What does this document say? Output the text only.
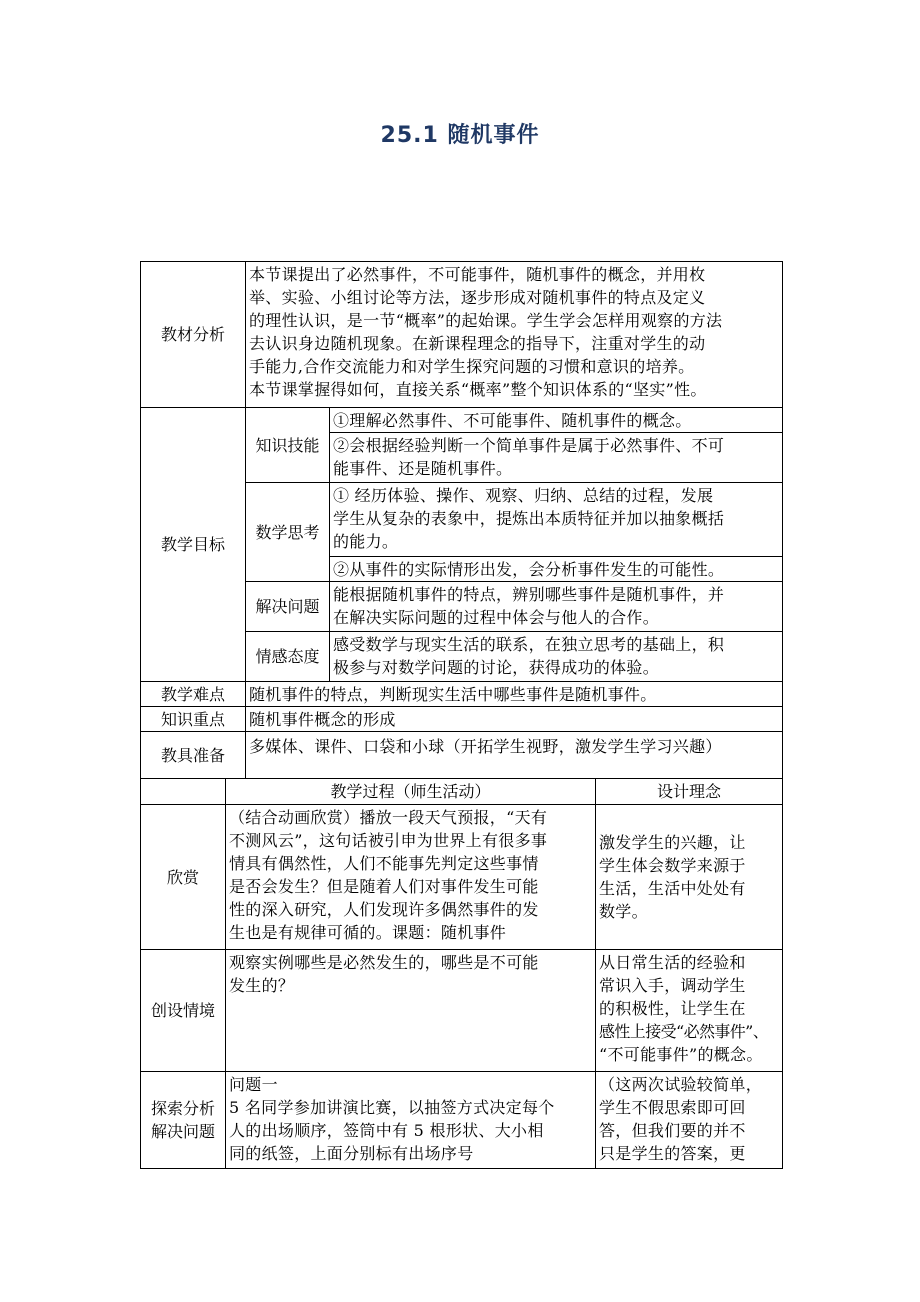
25.1 随机事件
教材分析

本节课提出了必然事件，不可能事件，随机事件的概念，并用枚

举、实验、小组讨论等方法，逐步形成对随机事件的特点及定义

的理性认识，是一节“概率”的起始课。学生学会怎样用观察的方法

去认识身边随机现象。在新课程理念的指导下，注重对学生的动

手能力,合作交流能力和对学生探究问题的习惯和意识的培养。

本节课掌握得如何，直接关系“概率”整个知识体系的“坚实”性。

教学目标
知识技能

①理解必然事件、不可能事件、随机事件的概念。

②会根据经验判断一个简单事件是属于必然事件、不可

能事件、还是随机事件。

数学思考

① 经历体验、操作、观察、归纳、总结的过程，发展

学生从复杂的表象中，提炼出本质特征并加以抽象概括

的能力。

②从事件的实际情形出发，会分析事件发生的可能性。

解决问题

能根据随机事件的特点，辨别哪些事件是随机事件，并

在解决实际问题的过程中体会与他人的合作。

情感态度

感受数学与现实生活的联系，在独立思考的基础上，积

极参与对数学问题的讨论，获得成功的体验。

教学难点 随机事件的特点，判断现实生活中哪些事件是随机事件。

知识重点 随机事件概念的形成

教具准备 多媒体、课件、口袋和小球（开拓学生视野，激发学生学习兴趣）

教学过程（师生活动）	设计理念
欣赏

（结合动画欣赏）播放一段天气预报，“天有

不测风云”，这句话被引申为世界上有很多事

情具有偶然性，人们不能事先判定这些事情

是否会发生？但是随着人们对事件发生可能

性的深入研究，人们发现许多偶然事件的发

生也是有规律可循的。课题：随机事件

激发学生的兴趣，让

学生体会数学来源于

生活，生活中处处有

数学。

创设情境

观察实例哪些是必然发生的，哪些是不可能

发生的？

从日常生活的经验和

常识入手，调动学生

的积极性，让学生在

感性上接受“必然事件”、

“不可能事件”的概念。

探索分析

解决问题

问题一

5 名同学参加讲演比赛，以抽签方式决定每个

人的出场顺序，签筒中有 5 根形状、大小相

同的纸签，上面分别标有出场序号

（这两次试验较简单，

学生不假思索即可回

答，但我们要的并不

只是学生的答案，更
